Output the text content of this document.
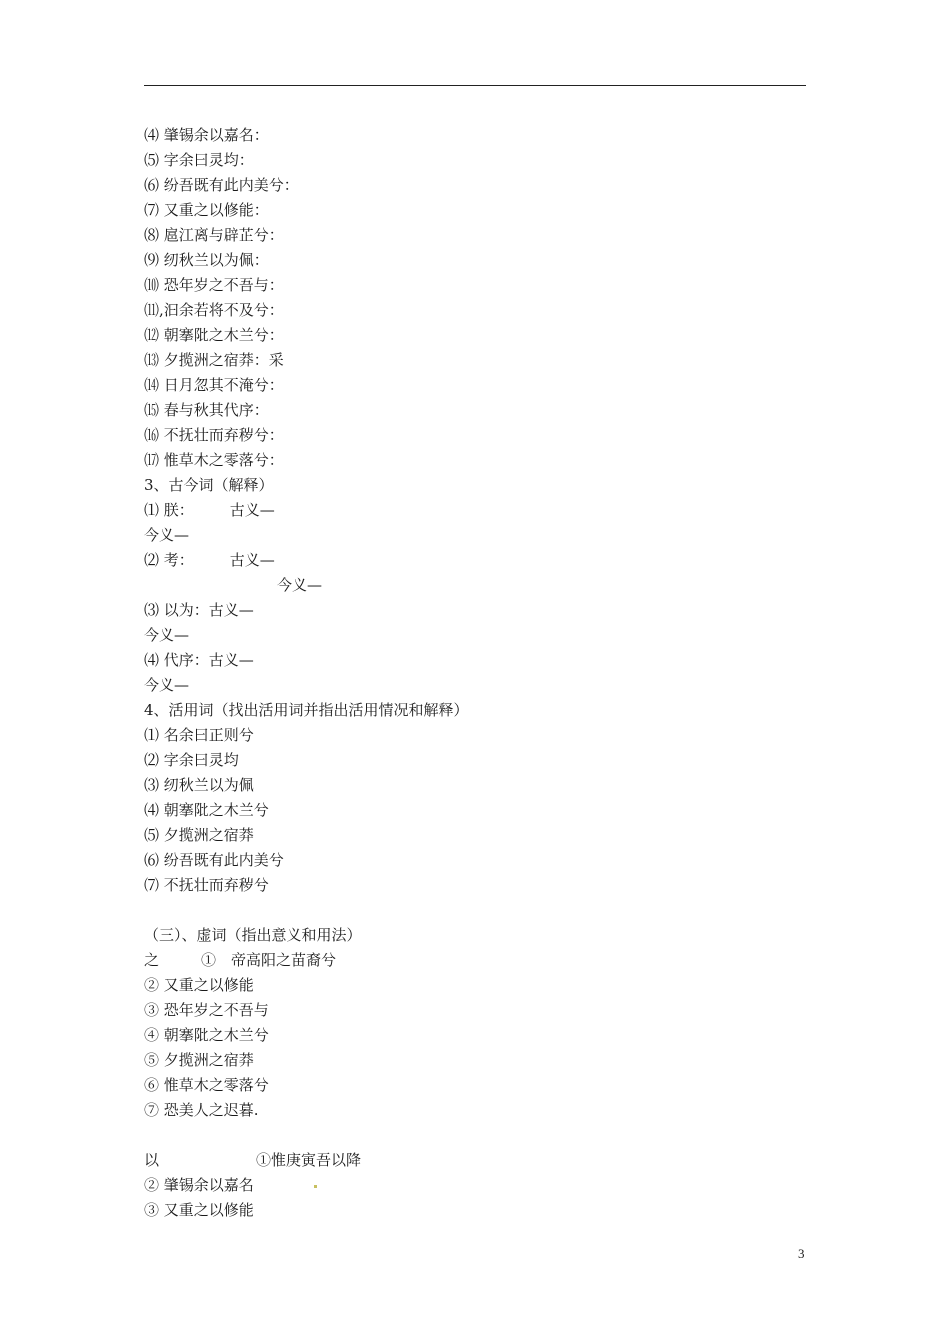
⑷ 肇锡余以嘉名：
⑸ 字余曰灵均：
⑹ 纷吾既有此内美兮：
⑺ 又重之以修能：
⑻ 扈江离与辟芷兮：
⑼ 纫秋兰以为佩：
⑽ 恐年岁之不吾与：
⑾,汩余若将不及兮：
⑿ 朝搴阰之木兰兮：
⒀ 夕揽洲之宿莽：采
⒁ 日月忽其不淹兮：
⒂ 春与秋其代序：
⒃ 不抚壮而弃秽兮：
⒄ 惟草木之零落兮：
3、古今词（解释）
⑴ 朕： 古义—
今义—
⑵ 考： 古义—
今义—
⑶ 以为：古义—
今义—
⑷ 代序：古义—
今义—
4、活用词（找出活用词并指出活用情况和解释）
⑴ 名余曰正则兮
⑵ 字余曰灵均
⑶ 纫秋兰以为佩
⑷ 朝搴阰之木兰兮
⑸ 夕揽洲之宿莽
⑹ 纷吾既有此内美兮
⑺ 不抚壮而弃秽兮
（三）、虚词（指出意义和用法）
之	①　帝高阳之苗裔兮
② 又重之以修能
③ 恐年岁之不吾与
④ 朝搴阰之木兰兮
⑤ 夕揽洲之宿莽
⑥ 惟草木之零落兮
⑦ 恐美人之迟暮.
以	①惟庚寅吾以降
② 肇锡余以嘉名
③ 又重之以修能
3
